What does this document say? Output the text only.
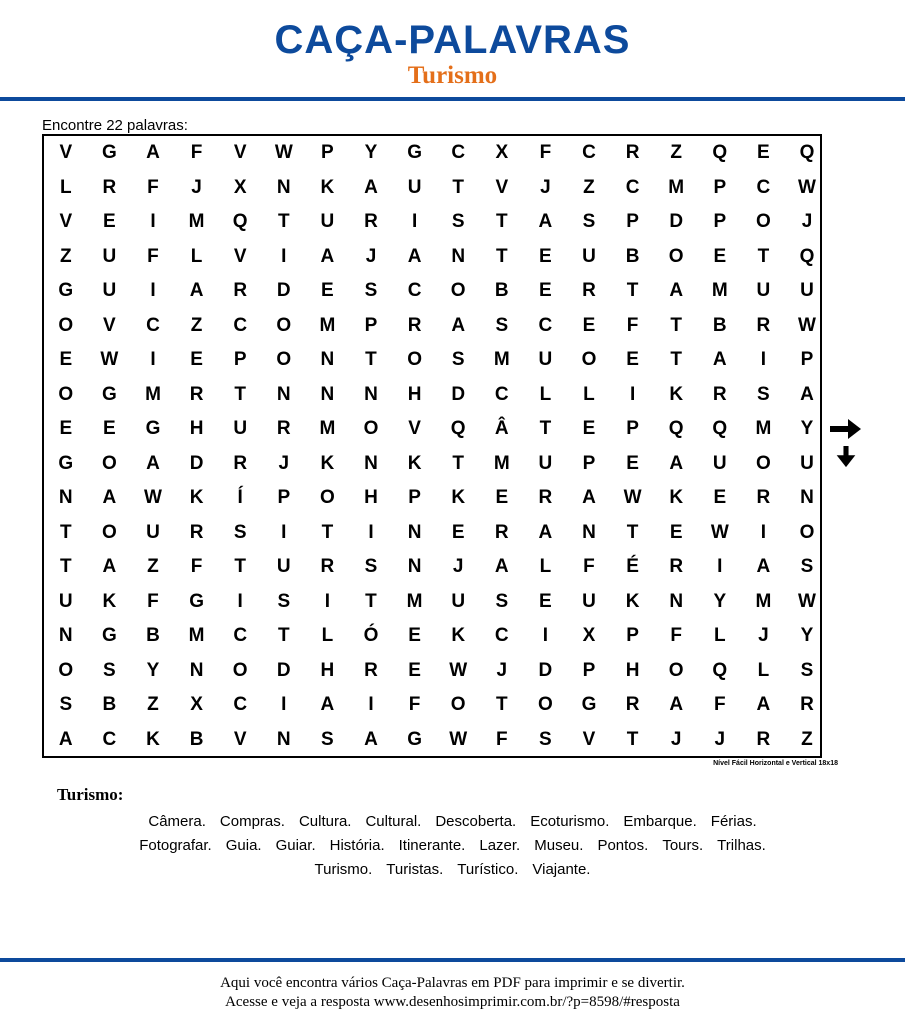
CAÇA-PALAVRAS
Turismo
Encontre 22 palavras:
V	G	A	F	V	W	P	Y	G	C	X	F	C	R	Z	Q	E	Q
L	R	F	J	X	N	K	A	U	T	V	J	Z	C	M	P	C	W
V	E	I	M	Q	T	U	R	I	S	T	A	S	P	D	P	O	J
Z	U	F	L	V	I	A	J	A	N	T	E	U	B	O	E	T	Q
G	U	I	A	R	D	E	S	C	O	B	E	R	T	A	M	U	U
O	V	C	Z	C	O	M	P	R	A	S	C	E	F	T	B	R	W
E	W	I	E	P	O	N	T	O	S	M	U	O	E	T	A	I	P
O	G	M	R	T	N	N	N	H	D	C	L	L	I	K	R	S	A
E	E	G	H	U	R	M	O	V	Q	Â	T	E	P	Q	Q	M	Y
G	O	A	D	R	J	K	N	K	T	M	U	P	E	A	U	O	U
N	A	W	K	Í	P	O	H	P	K	E	R	A	W	K	E	R	N
T	O	U	R	S	I	T	I	N	E	R	A	N	T	E	W	I	O
T	A	Z	F	T	U	R	S	N	J	A	L	F	É	R	I	A	S
U	K	F	G	I	S	I	T	M	U	S	E	U	K	N	Y	M	W
N	G	B	M	C	T	L	Ó	E	K	C	I	X	P	F	L	J	Y
O	S	Y	N	O	D	H	R	E	W	J	D	P	H	O	Q	L	S
S	B	Z	X	C	I	A	I	F	O	T	O	G	R	A	F	A	R
A	C	K	B	V	N	S	A	G	W	F	S	V	T	J	J	R	Z
Nível Fácil Horizontal e Vertical 18x18
Turismo:
Câmera. Compras. Cultura. Cultural. Descoberta. Ecoturismo. Embarque. Férias.
Fotografar. Guia. Guiar. História. Itinerante. Lazer. Museu. Pontos. Tours. Trilhas.
Turismo. Turistas. Turístico. Viajante.
Aqui você encontra vários Caça-Palavras em PDF para imprimir e se divertir.
Acesse e veja a resposta www.desenhosimprimir.com.br/?p=8598/#resposta
